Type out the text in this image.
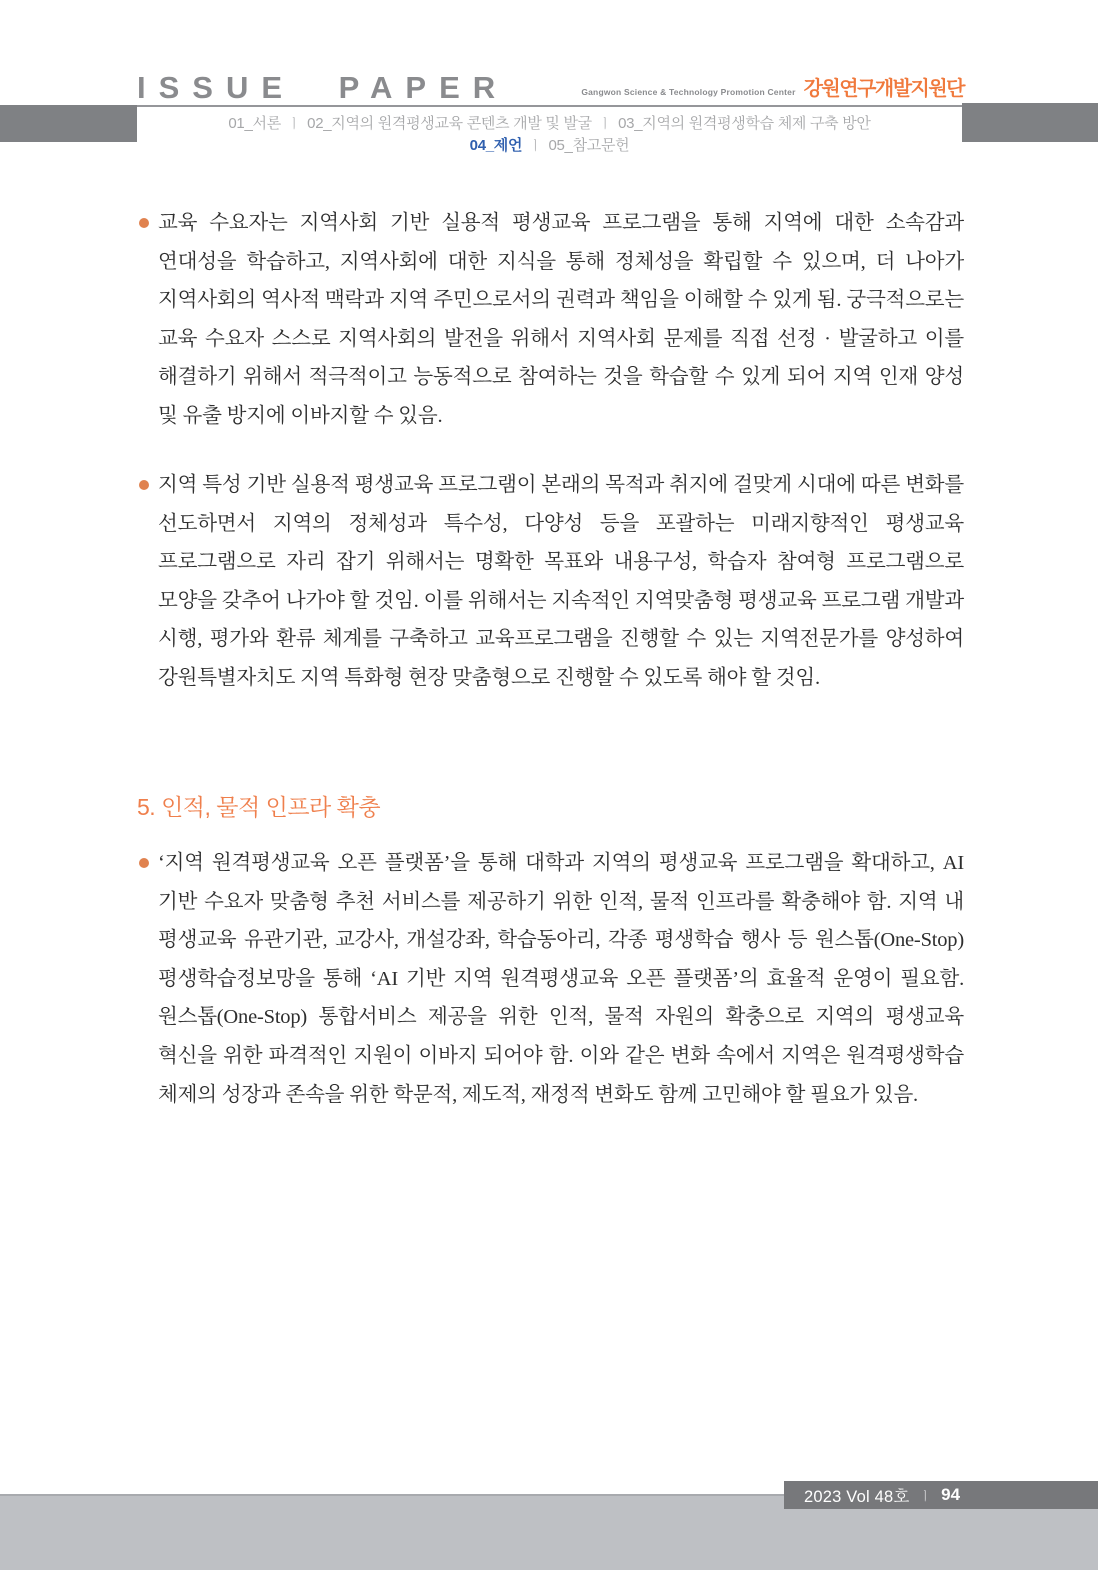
ISSUE PAPER	Gangwon Science & Technology Promotion Center 강원연구개발지원단
01_서론 ㅣ 02_지역의 원격평생교육 콘텐츠 개발 및 발굴 ㅣ 03_지역의 원격평생학습 체제 구축 방안
04_제언 ㅣ 05_참고문헌
교육 수요자는 지역사회 기반 실용적 평생교육 프로그램을 통해 지역에 대한 소속감과 연대성을 학습하고, 지역사회에 대한 지식을 통해 정체성을 확립할 수 있으며, 더 나아가 지역사회의 역사적 맥락과 지역 주민으로서의 권력과 책임을 이해할 수 있게 됨. 궁극적으로는 교육 수요자 스스로 지역사회의 발전을 위해서 지역사회 문제를 직접 선정 · 발굴하고 이를 해결하기 위해서 적극적이고 능동적으로 참여하는 것을 학습할 수 있게 되어 지역 인재 양성 및 유출 방지에 이바지할 수 있음.
지역 특성 기반 실용적 평생교육 프로그램이 본래의 목적과 취지에 걸맞게 시대에 따른 변화를 선도하면서 지역의 정체성과 특수성, 다양성 등을 포괄하는 미래지향적인 평생교육 프로그램으로 자리 잡기 위해서는 명확한 목표와 내용구성, 학습자 참여형 프로그램으로 모양을 갖추어 나가야 할 것임. 이를 위해서는 지속적인 지역맞춤형 평생교육 프로그램 개발과 시행, 평가와 환류 체계를 구축하고 교육프로그램을 진행할 수 있는 지역전문가를 양성하여 강원특별자치도 지역 특화형 현장 맞춤형으로 진행할 수 있도록 해야 할 것임.
5. 인적, 물적 인프라 확충
‘지역 원격평생교육 오픈 플랫폼’을 통해 대학과 지역의 평생교육 프로그램을 확대하고, AI 기반 수요자 맞춤형 추천 서비스를 제공하기 위한 인적, 물적 인프라를 확충해야 함. 지역 내 평생교육 유관기관, 교강사, 개설강좌, 학습동아리, 각종 평생학습 행사 등 원스톱(One-Stop) 평생학습정보망을 통해 ‘AI 기반 지역 원격평생교육 오픈 플랫폼’의 효율적 운영이 필요함. 원스톱(One-Stop) 통합서비스 제공을 위한 인적, 물적 자원의 확충으로 지역의 평생교육 혁신을 위한 파격적인 지원이 이바지 되어야 함. 이와 같은 변화 속에서 지역은 원격평생학습 체제의 성장과 존속을 위한 학문적, 제도적, 재정적 변화도 함께 고민해야 할 필요가 있음.
2023 Vol 48호 ㅣ 94
